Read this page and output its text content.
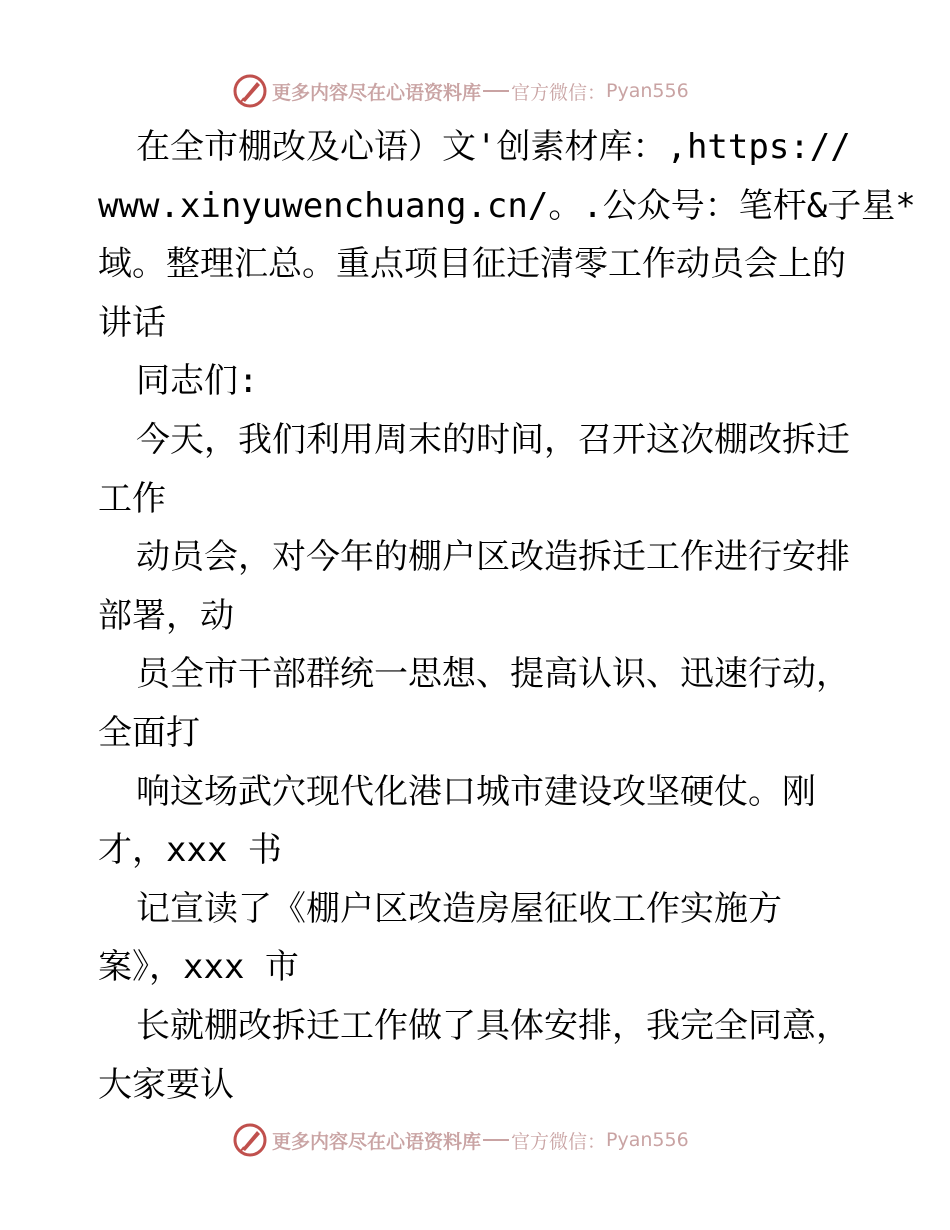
更多内容尽在心语资料库 官方微信： Pyan556
在全市棚改及心语）文'创素材库：,https://
www.xinyuwenchuang.cn/。.公众号：笔杆&子星*
域。整理汇总。重点项目征迁清零工作动员会上的
讲话
同志们:
今天，我们利用周末的时间，召开这次棚改拆迁
工作
动员会，对今年的棚户区改造拆迁工作进行安排
部署，动
员全市干部群统一思想、提高认识、迅速行动，
全面打
响这场武穴现代化港口城市建设攻坚硬仗。刚
才，xxx 书
记宣读了《棚户区改造房屋征收工作实施方
案》，xxx 市
长就棚改拆迁工作做了具体安排，我完全同意，
大家要认
更多内容尽在心语资料库 官方微信： Pyan556
